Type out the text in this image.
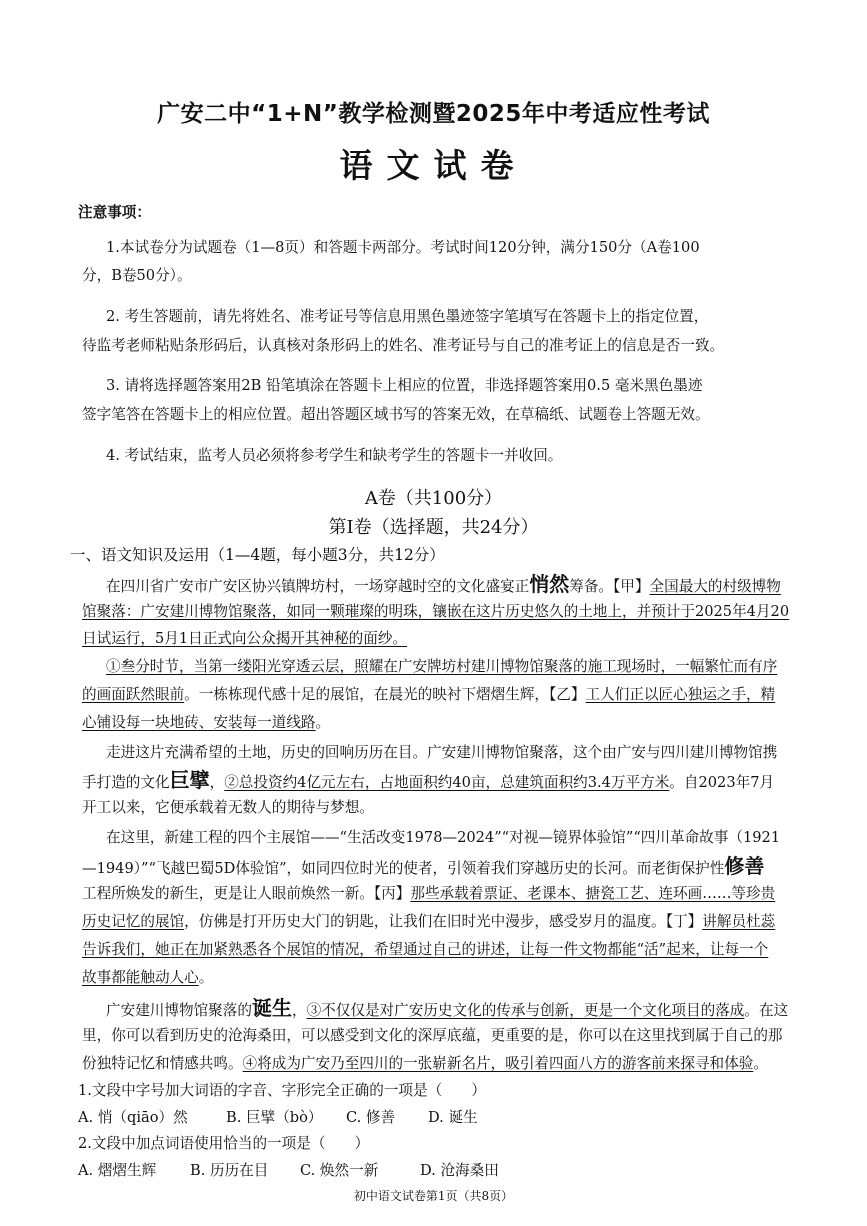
广安二中“1+N”教学检测暨2025年中考适应性考试
语文试卷
注意事项：
1.本试卷分为试题卷（1—8页）和答题卡两部分。考试时间120分钟，满分150分（A卷100
分，B卷50分）。
2. 考生答题前，请先将姓名、准考证号等信息用黑色墨迹签字笔填写在答题卡上的指定位置，
待监考老师粘贴条形码后，认真核对条形码上的姓名、准考证号与自己的准考证上的信息是否一致。
3. 请将选择题答案用2B 铅笔填涂在答题卡上相应的位置，非选择题答案用0.5 毫米黑色墨迹
签字笔答在答题卡上的相应位置。超出答题区域书写的答案无效，在草稿纸、试题卷上答题无效。
4. 考试结束，监考人员必须将参考学生和缺考学生的答题卡一并收回。
A卷（共100分）
第Ⅰ卷（选择题，共24分）
一、语文知识及运用（1—4题，每小题3分，共12分）
在四川省广安市广安区协兴镇牌坊村，一场穿越时空的文化盛宴正悄然筹备。【甲】全国最大的村级博物
馆聚落：广安建川博物馆聚落，如同一颗璀璨的明珠，镶嵌在这片历史悠久的土地上，并预计于2025年4月20
日试运行，5月1日正式向公众揭开其神秘的面纱。
①叁分时节，当第一缕阳光穿透云层，照耀在广安牌坊村建川博物馆聚落的施工现场时，一幅繁忙而有序
的画面跃然眼前。一栋栋现代感十足的展馆，在晨光的映衬下熠熠生辉，【乙】工人们正以匠心独运之手，精
心铺设每一块地砖、安装每一道线路。
走进这片充满希望的土地，历史的回响历历在目。广安建川博物馆聚落，这个由广安与四川建川博物馆携
手打造的文化巨擘，②总投资约4亿元左右，占地面积约40亩，总建筑面积约3.4万平方米。自2023年7月
开工以来，它便承载着无数人的期待与梦想。
在这里，新建工程的四个主展馆——“生活改变1978—2024”“对视—镜界体验馆”“四川革命故事（1921
—1949）”“飞越巴蜀5D体验馆”，如同四位时光的使者，引领着我们穿越历史的长河。而老街保护性修善
工程所焕发的新生，更是让人眼前焕然一新。【丙】那些承载着票证、老课本、搪瓷工艺、连环画……等珍贵
历史记忆的展馆，仿佛是打开历史大门的钥匙，让我们在旧时光中漫步，感受岁月的温度。【丁】讲解员杜蕊
告诉我们，她正在加紧熟悉各个展馆的情况，希望通过自己的讲述，让每一件文物都能“活”起来，让每一个
故事都能触动人心。
广安建川博物馆聚落的诞生，③不仅仅是对广安历史文化的传承与创新，更是一个文化项目的落成。在这
里，你可以看到历史的沧海桑田，可以感受到文化的深厚底蕴，更重要的是，你可以在这里找到属于自己的那
份独特记忆和情感共鸣。④将成为广安乃至四川的一张崭新名片，吸引着四面八方的游客前来探寻和体验。
1.文段中字号加大词语的字音、字形完全正确的一项是（　　）
A. 悄（qiāo）然	B. 巨擘（bò） C. 修善 D. 诞生
2.文段中加点词语使用恰当的一项是（　　）
A. 熠熠生辉 B. 历历在目 C. 焕然一新	D. 沧海桑田
初中语文试卷第1页（共8页）
